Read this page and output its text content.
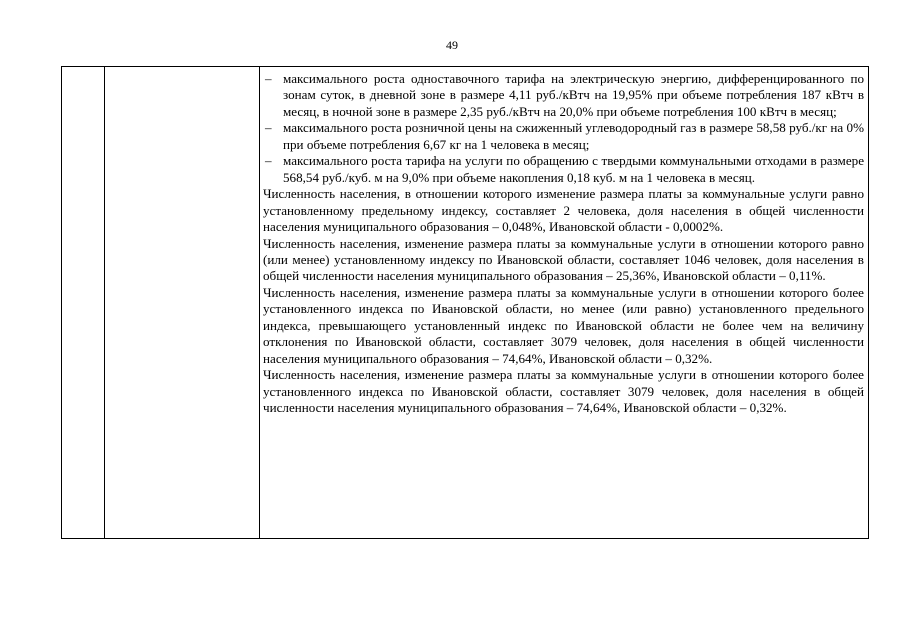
49
– максимального роста одноставочного тарифа на электрическую энергию, дифференцированного по зонам суток, в дневной зоне в размере 4,11 руб./кВтч на 19,95% при объеме потребления 187 кВтч в месяц, в ночной зоне в размере 2,35 руб./кВтч на 20,0% при объеме потребления 100 кВтч в месяц;
– максимального роста розничной цены на сжиженный углеводородный газ в размере 58,58 руб./кг на 0% при объеме потребления 6,67 кг на 1 человека в месяц;
– максимального роста тарифа на услуги по обращению с твердыми коммунальными отходами в размере 568,54 руб./куб. м на 9,0% при объеме накопления 0,18 куб. м на 1 человека в месяц.

Численность населения, в отношении которого изменение размера платы за коммунальные услуги равно установленному предельному индексу, составляет 2 человека, доля населения в общей численности населения муниципального образования – 0,048%, Ивановской области - 0,0002%.

Численность населения, изменение размера платы за коммунальные услуги в отношении которого равно (или менее) установленному индексу по Ивановской области, составляет 1046 человек, доля населения в общей численности населения муниципального образования – 25,36%, Ивановской области – 0,11%.

Численность населения, изменение размера платы за коммунальные услуги в отношении которого более установленного индекса по Ивановской области, но менее (или равно) установленного предельного индекса, превышающего установленный индекс по Ивановской области не более чем на величину отклонения по Ивановской области, составляет 3079 человек, доля населения в общей численности населения муниципального образования – 74,64%, Ивановской области – 0,32%.

Численность населения, изменение размера платы за коммунальные услуги в отношении которого более установленного индекса по Ивановской области, составляет 3079 человек, доля населения в общей численности населения муниципального образования – 74,64%, Ивановской области – 0,32%.
